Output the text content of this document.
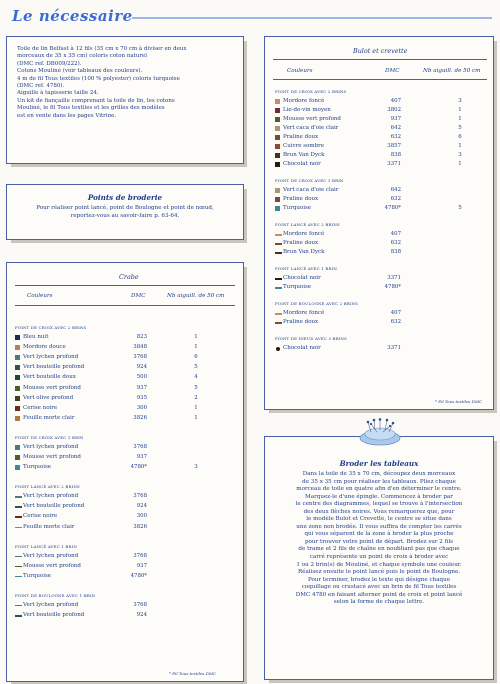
Le nécessaire

Toile de lin Belfast à 12 fils (35 cm x 70 cm à diviser en deux

morceaux de 35 x 35 cm) coloris coton naturel

(DMC ref. DB009/222).

Cotons Mouliné (voir tableaux des couleurs).

4 m de fil Tous textiles (100 % polyester) coloris turquoise

(DMC ref. 4780).

Aiguille à tapisserie taille 24.

Un kit de fiançaille comprenant la toile de lin, les cotons

Mouliné, le fil Tous textiles et les grilles des modèles

est en vente dans les pages Vitrine.

Points de broderie

Pour réaliser point lancé, point de Boulogne et point de nœud,

reportez-vous au savoir-faire p. 63-64.

Crabe
Couleurs	DMC	Nb aiguill. de 50 cm
POINT DE CROIX AVEC 2 BRINS
Bleu nuit	823	1
Mordore douce	3848	1
Vert lychen profond	3768	6
Vert bouteille profond	924	5
Vert bouteille doux	500	4
Mousse vert profond	937	5
Vert olive profond	935	2
Cerise noire	300	1
Feuille morte clair	3826	1
POINT DE CROIX AVEC 1 BRIN
Vert lychen profond	3768
Mousse vert profond	937
Turquoise	4780*	3
POINT LANCÉ AVEC 2 BRINS
Vert lychen profond	3768
Vert bouteille profond	924
Cerise noire	300
Feuille morte clair	3826
POINT LANCÉ AVEC 1 BRIN
Vert lychen profond	3768
Mousse vert profond	937
Turquoise	4780*
POINT DE BOULOGNE AVEC 1 BRIN
Vert lychen profond	3768
Vert bouteille profond	924
* Fil Tous textiles DMC
Bulot et crevette
Couleurs	DMC	Nb aiguill. de 50 cm
POINT DE CROIX AVEC 2 BRINS
Mordore foncé	407	3
Lie-de-vin moyen	3802	1
Mousse vert profond	937	1
Vert caca d'oie clair	642	5
Praline doux	632	6
Cuivre sombre	3857	1
Brun Van Dyck	838	3
Chocolat noir	3371	1
POINT DE CROIX AVEC 1 BRIN
Vert caca d'oie clair	642
Praline doux	632
Turquoise	4780*	5
POINT LANCÉ AVEC 2 BRINS
Mordore foncé	407
Praline doux	632
Brun Van Dyck	838
POINT LANCÉ AVEC 1 BRIN
Chocolat noir	3371
Turquoise	4780*
POINT DE BOULOGNE AVEC 2 BRINS
Mordore foncé	407
Praline doux	632
POINT DE NŒUD AVEC 3 BRINS
Chocolat noir	3371
* Fil Tous textiles DMC
Broder les tableaux

Dans la toile de 35 x 70 cm, découpez deux morceaux

de 35 x 35 cm pour réaliser les tableaux. Pliez chaque

morceau de toile en quatre afin d'en déterminer le centre.

Marquez-le d'une épingle. Commencez à broder par

le centre des diagrammes, lequel se trouve à l'intersection

des deux flèches noires. Vous remarquerez que, pour

le modèle Bulot et Crevette, le centre se situe dans

une zone non brodée. Il vous suffira de compter les carrés

qui vous séparent de la zone à broder la plus proche

pour trouver votre point de départ. Brodez sur 2 fils

de trame et 2 fils de chaîne en noubliant pas que chaque

carré représente un point de croix à broder avec

1 ou 2 brin(s) de Mouliné, et chaque symbole une couleur.

Réalisez ensuite le point lancé puis le point de Boulogne.

Pour terminer, brodez le texte qui désigne chaque

coquillage ou crustacé avec un brin de fil Tous textiles

DMC 4780 en faisant alterner point de croix et point lancé

selon la forme de chaque lettre.
